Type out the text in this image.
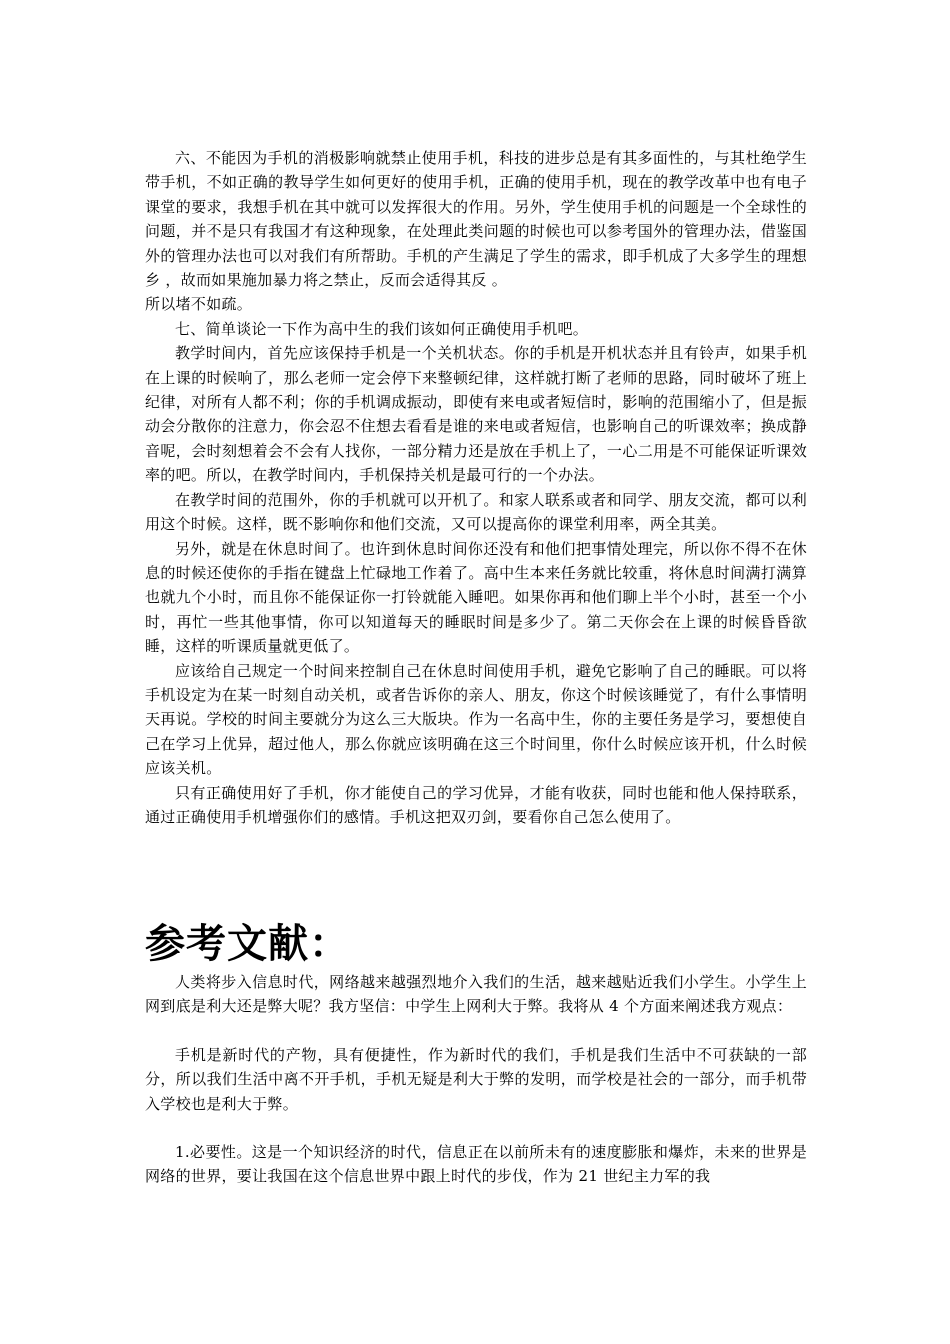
六、不能因为手机的消极影响就禁止使用手机，科技的进步总是有其多面性的，与其杜绝学生带手机，不如正确的教导学生如何更好的使用手机，正确的使用手机，现在的教学改革中也有电子课堂的要求，我想手机在其中就可以发挥很大的作用。另外，学生使用手机的问题是一个全球性的问题，并不是只有我国才有这种现象，在处理此类问题的时候也可以参考国外的管理办法，借鉴国外的管理办法也可以对我们有所帮助。手机的产生满足了学生的需求，即手机成了大多学生的理想乡 ，故而如果施加暴力将之禁止，反而会适得其反 。

所以堵不如疏。

七、简单谈论一下作为高中生的我们该如何正确使用手机吧。

教学时间内，首先应该保持手机是一个关机状态。你的手机是开机状态并且有铃声，如果手机在上课的时候响了，那么老师一定会停下来整顿纪律，这样就打断了老师的思路，同时破坏了班上纪律，对所有人都不利；你的手机调成振动，即使有来电或者短信时，影响的范围缩小了，但是振动会分散你的注意力，你会忍不住想去看看是谁的来电或者短信，也影响自己的听课效率；换成静音呢，会时刻想着会不会有人找你，一部分精力还是放在手机上了，一心二用是不可能保证听课效率的吧。所以，在教学时间内，手机保持关机是最可行的一个办法。

在教学时间的范围外，你的手机就可以开机了。和家人联系或者和同学、朋友交流，都可以利用这个时候。这样，既不影响你和他们交流，又可以提高你的课堂利用率，两全其美。

另外，就是在休息时间了。也许到休息时间你还没有和他们把事情处理完，所以你不得不在休息的时候还使你的手指在键盘上忙碌地工作着了。高中生本来任务就比较重，将休息时间满打满算也就九个小时，而且你不能保证你一打铃就能入睡吧。如果你再和他们聊上半个小时，甚至一个小时，再忙一些其他事情，你可以知道每天的睡眠时间是多少了。第二天你会在上课的时候昏昏欲睡，这样的听课质量就更低了。

应该给自己规定一个时间来控制自己在休息时间使用手机，避免它影响了自己的睡眠。可以将手机设定为在某一时刻自动关机，或者告诉你的亲人、朋友，你这个时候该睡觉了，有什么事情明天再说。学校的时间主要就分为这么三大版块。作为一名高中生，你的主要任务是学习，要想使自己在学习上优异，超过他人，那么你就应该明确在这三个时间里，你什么时候应该开机，什么时候应该关机。

只有正确使用好了手机，你才能使自己的学习优异，才能有收获，同时也能和他人保持联系，通过正确使用手机增强你们的感情。手机这把双刃剑，要看你自己怎么使用了。

参考文献：

人类将步入信息时代，网络越来越强烈地介入我们的生活，越来越贴近我们小学生。小学生上网到底是利大还是弊大呢？我方坚信：中学生上网利大于弊。我将从 4 个方面来阐述我方观点：

手机是新时代的产物，具有便捷性，作为新时代的我们，手机是我们生活中不可获缺的一部分，所以我们生活中离不开手机，手机无疑是利大于弊的发明，而学校是社会的一部分，而手机带入学校也是利大于弊。

1.必要性。这是一个知识经济的时代，信息正在以前所未有的速度膨胀和爆炸，未来的世界是网络的世界，要让我国在这个信息世界中跟上时代的步伐，作为 21 世纪主力军的我
